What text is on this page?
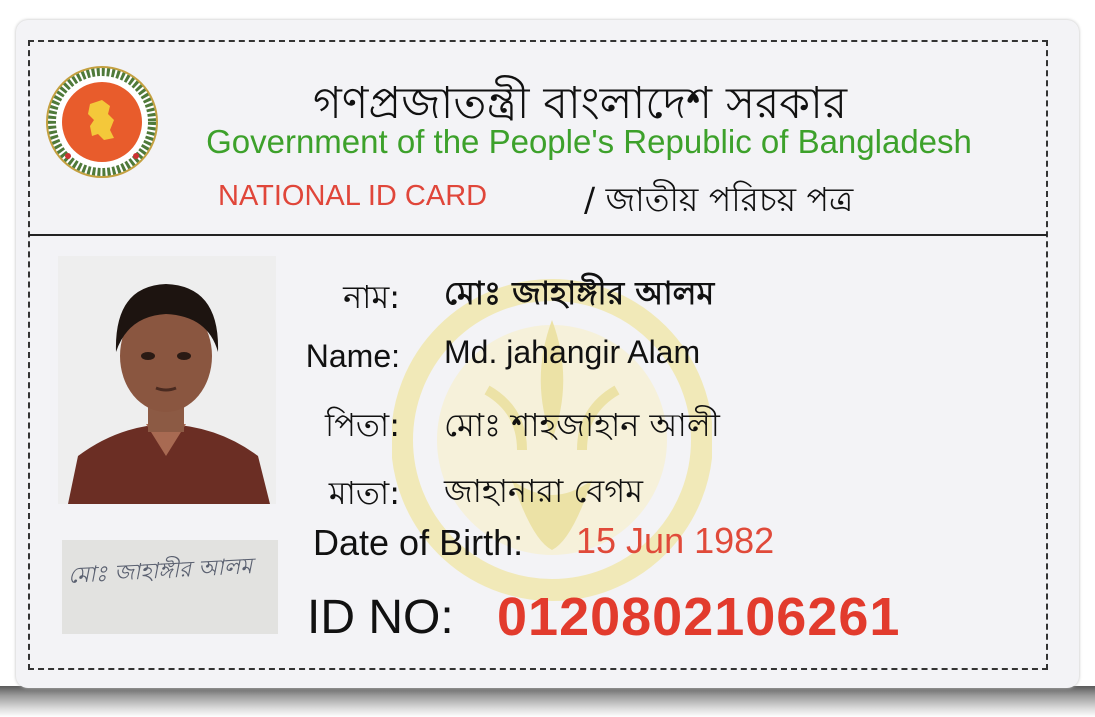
গণপ্রজাতন্ত্রী বাংলাদেশ সরকার
Government of the People's Republic of Bangladesh
NATIONAL ID CARD	/ জাতীয় পরিচয় পত্র
মোঃ জাহাঙ্গীর আলম
নাম: মোঃ জাহাঙ্গীর আলম
Name: Md. jahangir Alam
পিতা: মোঃ শাহজাহান আলী
মাতা: জাহানারা বেগম
Date of Birth: 15 Jun 1982
ID NO: 0120802106261
